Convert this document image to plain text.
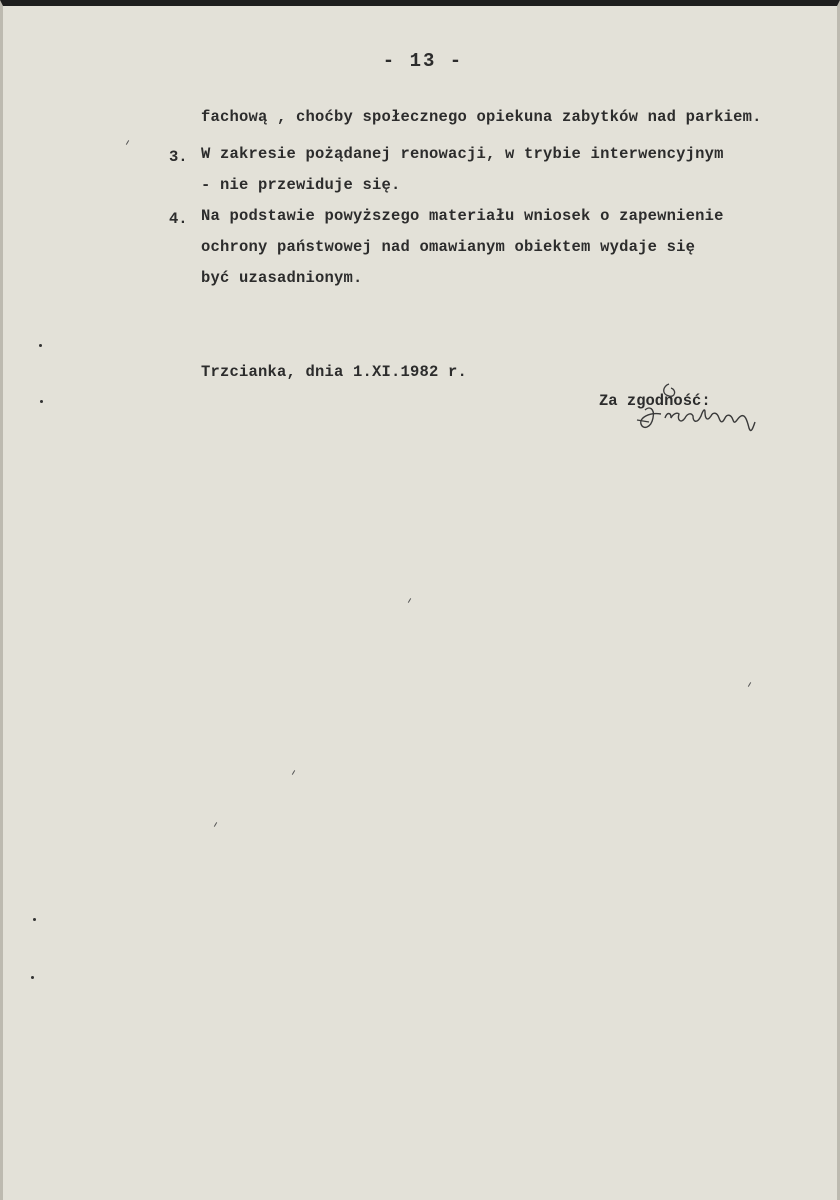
- 13 -
fachową , choćby społecznego opiekuna zabytków nad parkiem.
3. W zakresie pożądanej renowacji, w trybie interwencyjnym
- nie przewiduje się.
4. Na podstawie powyższego materiału wniosek o zapewnienie
ochrony państwowej nad omawianym obiektem wydaje się
być uzasadnionym.
Trzcianka, dnia 1.XI.1982 r.
Za zgodność:
